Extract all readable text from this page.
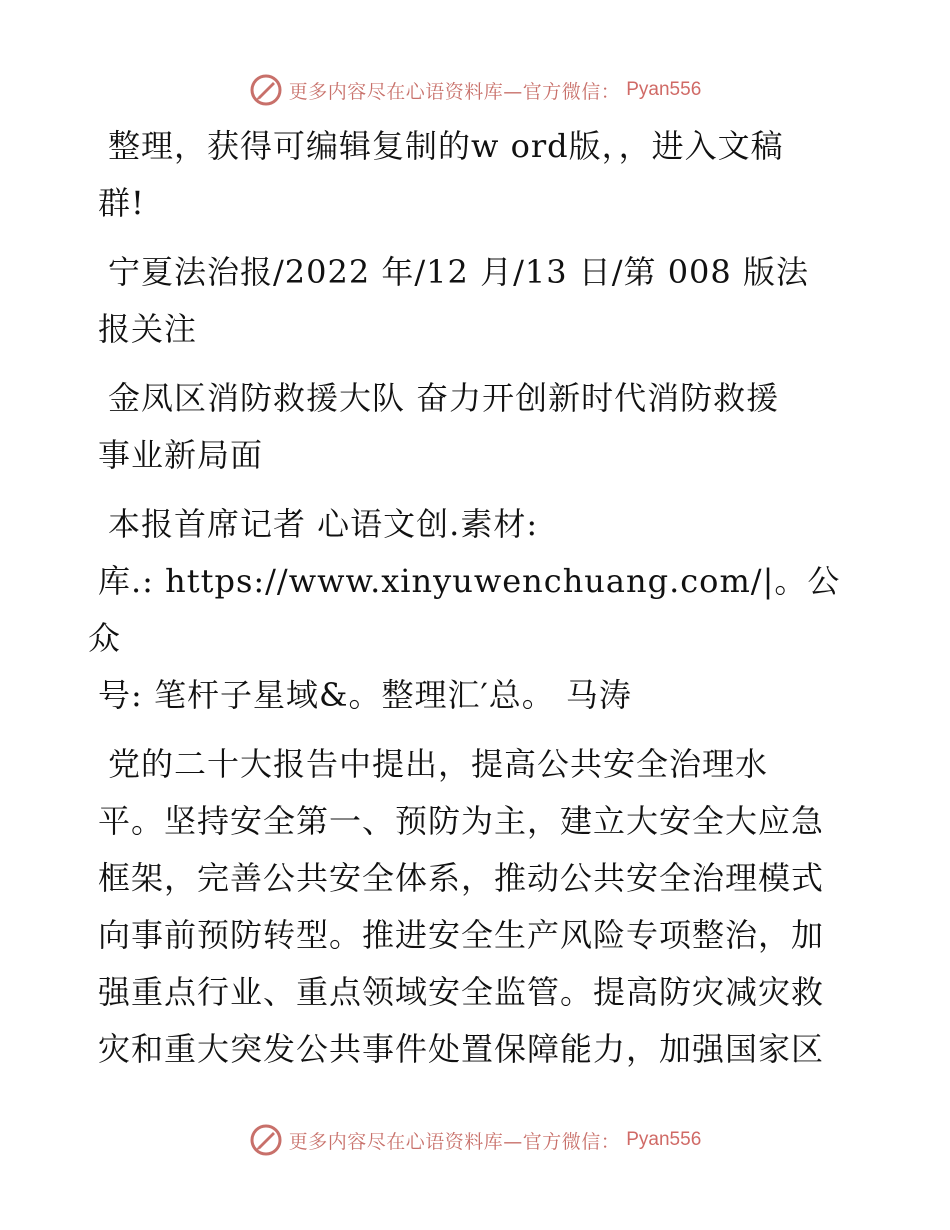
更多内容尽在心语资料库—官方微信： Pyan556

整理，获得可编辑复制的w ord版，，进入文稿
群!

宁夏法治报/2022 年/12 月/13 日/第 008 版法
报关注

金凤区消防救援大队 奋力开创新时代消防救援
事业新局面

本报首席记者 心语文创.素材:
库.: https://www.xinyuwenchuang.com/|。公众
号: 笔杆子星域&。整理汇′总。 马涛

党的二十大报告中提出，提高公共安全治理水
平。坚持安全第一、预防为主，建立大安全大应急
框架，完善公共安全体系，推动公共安全治理模式
向事前预防转型。推进安全生产风险专项整治，加
强重点行业、重点领域安全监管。提高防灾减灾救
灾和重大突发公共事件处置保障能力，加强国家区

更多内容尽在心语资料库—官方微信： Pyan556
